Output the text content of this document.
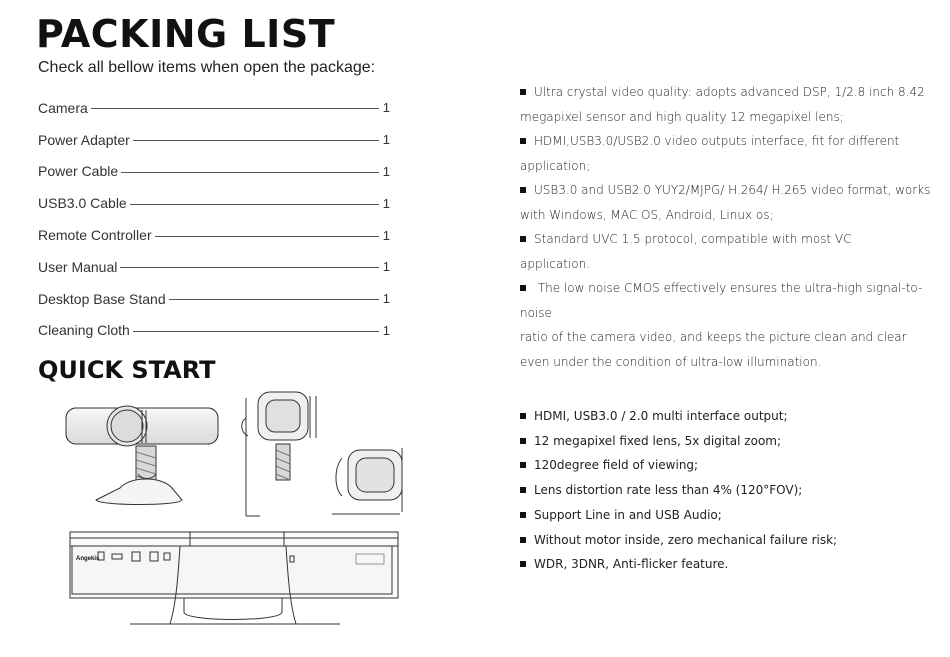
PACKING LIST
Check all bellow items when open the package:
Camera	1
Power Adapter	1
Power Cable	1
USB3.0 Cable	1
Remote Controller	1
User Manual	1
Desktop Base Stand	1
Cleaning Cloth	1
QUICK START
Angekis

Ultra crystal video quality: adopts advanced DSP, 1/2.8 inch 8.42

megapixel sensor and high quality 12 megapixel lens;

HDMI,USB3.0/USB2.0 video outputs interface, fit for different

application;

USB3.0 and USB2.0 YUY2/MJPG/ H.264/ H.265 video format, works

with Windows, MAC OS, Android, Linux os;

Standard UVC 1.5 protocol, compatible with most VC

application.

The low noise CMOS effectively ensures the ultra-high signal-to-noise

ratio of the camera video, and keeps the picture clean and clear

even under the condition of ultra-low illumination.

HDMI, USB3.0 / 2.0 multi interface output;

12 megapixel fixed lens, 5x digital zoom;

120degree field of viewing;

Lens distortion rate less than 4% (120°FOV);

Support Line in and USB Audio;

Without motor inside, zero mechanical failure risk;

WDR, 3DNR, Anti-flicker feature.
